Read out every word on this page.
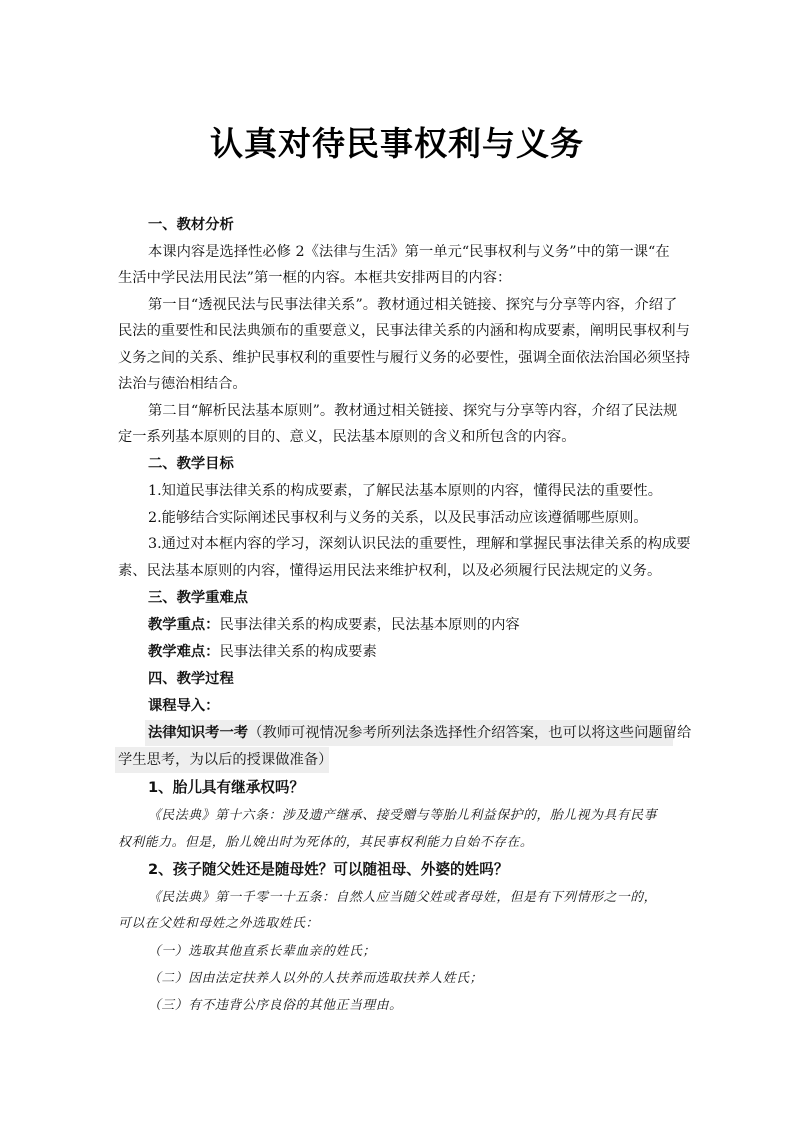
认真对待民事权利与义务
一、教材分析
本课内容是选择性必修 2《法律与生活》第一单元“民事权利与义务”中的第一课“在
生活中学民法用民法”第一框的内容。本框共安排两目的内容：
第一目“透视民法与民事法律关系”。教材通过相关链接、探究与分享等内容，介绍了
民法的重要性和民法典颁布的重要意义，民事法律关系的内涵和构成要素，阐明民事权利与
义务之间的关系、维护民事权利的重要性与履行义务的必要性，强调全面依法治国必须坚持
法治与德治相结合。
第二目“解析民法基本原则”。教材通过相关链接、探究与分享等内容，介绍了民法规
定一系列基本原则的目的、意义，民法基本原则的含义和所包含的内容。
二、教学目标
1.知道民事法律关系的构成要素，了解民法基本原则的内容，懂得民法的重要性。
2.能够结合实际阐述民事权利与义务的关系，以及民事活动应该遵循哪些原则。
3.通过对本框内容的学习，深刻认识民法的重要性，理解和掌握民事法律关系的构成要
素、民法基本原则的内容，懂得运用民法来维护权利，以及必须履行民法规定的义务。
三、教学重难点
教学重点：民事法律关系的构成要素，民法基本原则的内容
教学难点：民事法律关系的构成要素
四、教学过程
课程导入：
法律知识考一考（教师可视情况参考所列法条选择性介绍答案，也可以将这些问题留给
学生思考，为以后的授课做准备）
1、胎儿具有继承权吗？
《民法典》第十六条：涉及遗产继承、接受赠与等胎儿利益保护的，胎儿视为具有民事
权利能力。但是，胎儿娩出时为死体的，其民事权利能力自始不存在。
2、孩子随父姓还是随母姓？可以随祖母、外婆的姓吗？
《民法典》第一千零一十五条：自然人应当随父姓或者母姓，但是有下列情形之一的，
可以在父姓和母姓之外选取姓氏：
（一）选取其他直系长辈血亲的姓氏；
（二）因由法定扶养人以外的人扶养而选取扶养人姓氏；
（三）有不违背公序良俗的其他正当理由。
